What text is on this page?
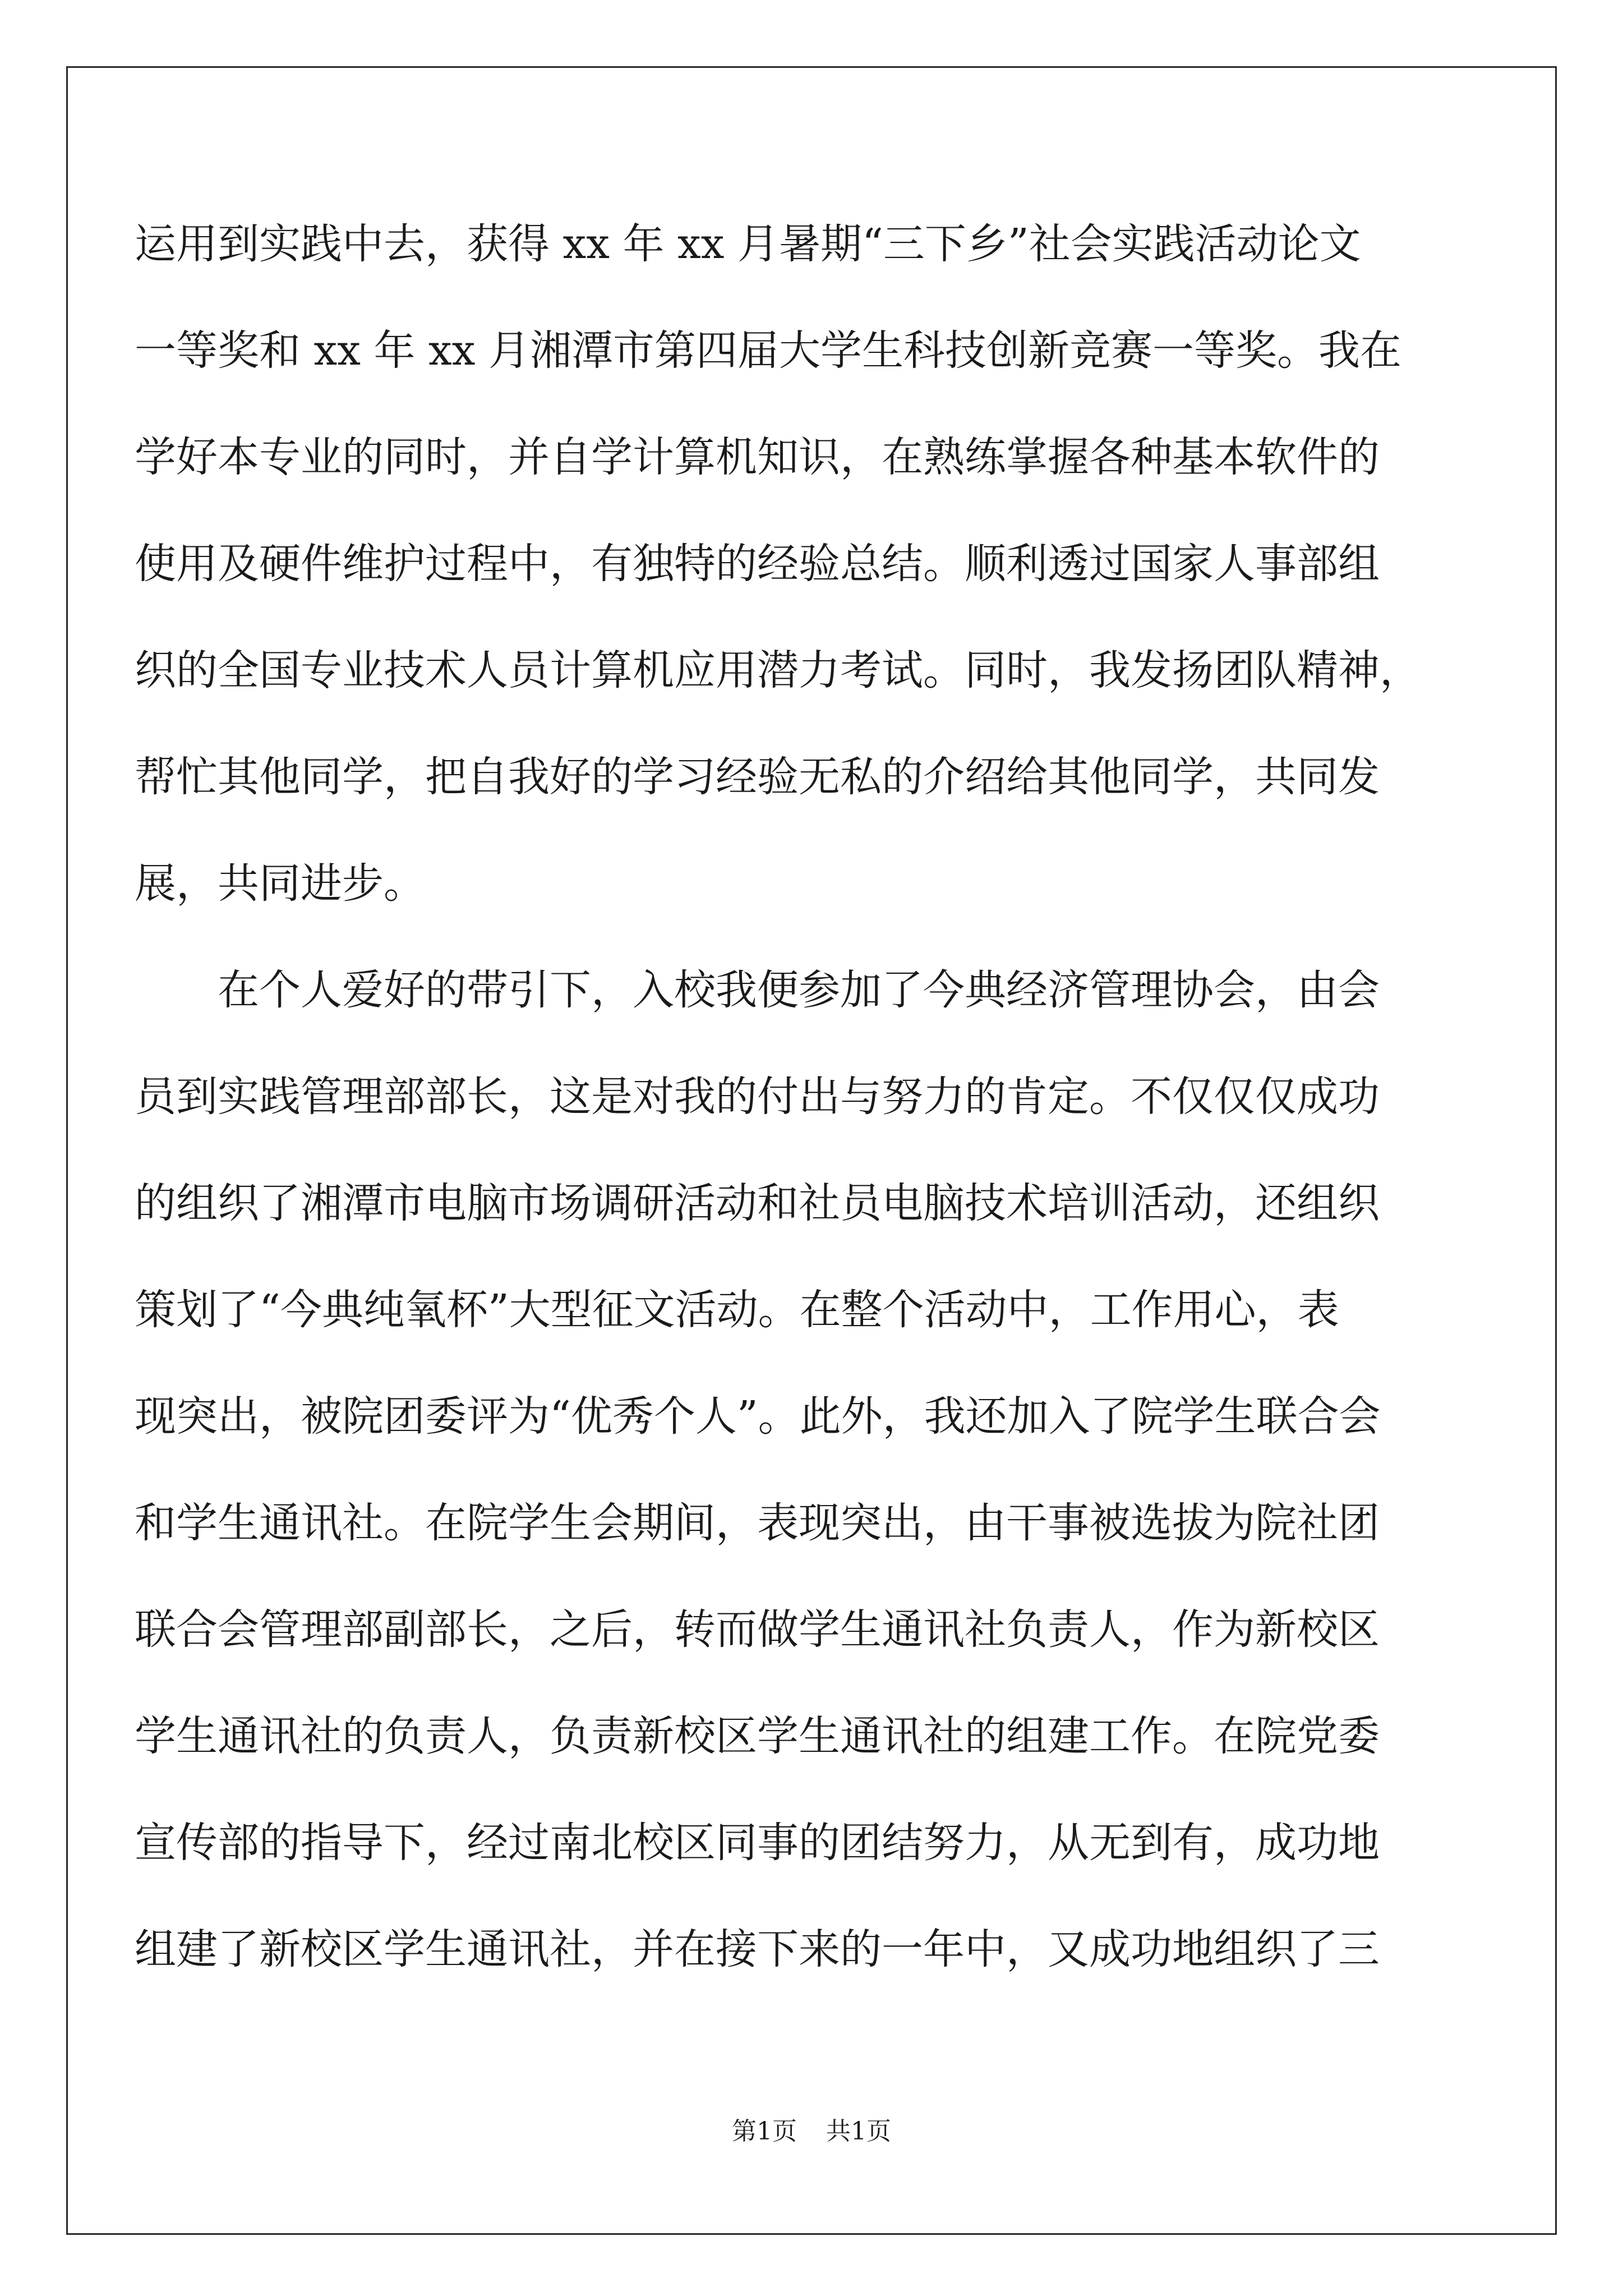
运用到实践中去，获得 xx 年 xx 月暑期“三下乡”社会实践活动论文
一等奖和 xx 年 xx 月湘潭市第四届大学生科技创新竞赛一等奖。我在
学好本专业的同时，并自学计算机知识，在熟练掌握各种基本软件的
使用及硬件维护过程中，有独特的经验总结。顺利透过国家人事部组
织的全国专业技术人员计算机应用潜力考试。同时，我发扬团队精神，
帮忙其他同学，把自我好的学习经验无私的介绍给其他同学，共同发
展，共同进步。
　　在个人爱好的带引下，入校我便参加了今典经济管理协会，由会
员到实践管理部部长，这是对我的付出与努力的肯定。不仅仅仅成功
的组织了湘潭市电脑市场调研活动和社员电脑技术培训活动，还组织
策划了“今典纯氧杯”大型征文活动。在整个活动中，工作用心，表
现突出，被院团委评为“优秀个人”。此外，我还加入了院学生联合会
和学生通讯社。在院学生会期间，表现突出，由干事被选拔为院社团
联合会管理部副部长，之后，转而做学生通讯社负责人，作为新校区
学生通讯社的负责人，负责新校区学生通讯社的组建工作。在院党委
宣传部的指导下，经过南北校区同事的团结努力，从无到有，成功地
组建了新校区学生通讯社，并在接下来的一年中，又成功地组织了三
第1页 共1页
